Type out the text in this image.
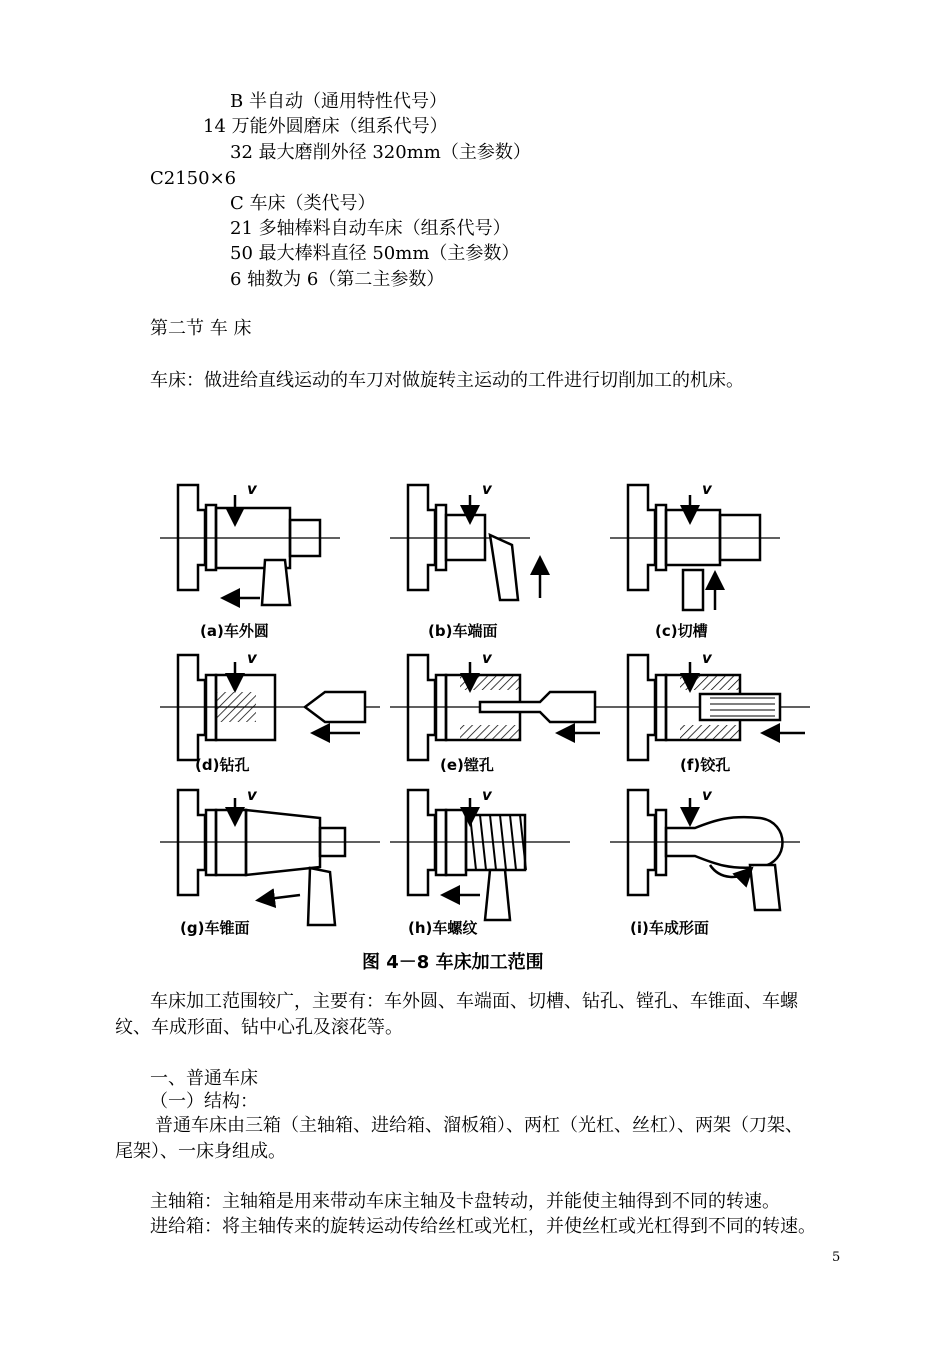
B 半自动（通用特性代号）
14 万能外圆磨床（组系代号）
32 最大磨削外径 320mm（主参数）
C2150×6
C 车床（类代号）
21 多轴棒料自动车床（组系代号）
50 最大棒料直径 50mm（主参数）
6 轴数为 6（第二主参数）
第二节 车 床
车床：做进给直线运动的车刀对做旋转主运动的工件进行切削加工的机床。
v	v	v
v	v	v
v	v	v
(a)车外圆	(b)车端面	(c)切槽
(d)钻孔	(e)镗孔	(f)铰孔
(g)车锥面	(h)车螺纹	(i)车成形面
图 4－8 车床加工范围
车床加工范围较广，主要有：车外圆、车端面、切槽、钻孔、镗孔、车锥面、车螺
纹、车成形面、钻中心孔及滚花等。
一、普通车床
（一）结构：
普通车床由三箱（主轴箱、进给箱、溜板箱）、两杠（光杠、丝杠）、两架（刀架、
尾架）、一床身组成。
主轴箱：主轴箱是用来带动车床主轴及卡盘转动，并能使主轴得到不同的转速。
进给箱：将主轴传来的旋转运动传给丝杠或光杠，并使丝杠或光杠得到不同的转速。
5
